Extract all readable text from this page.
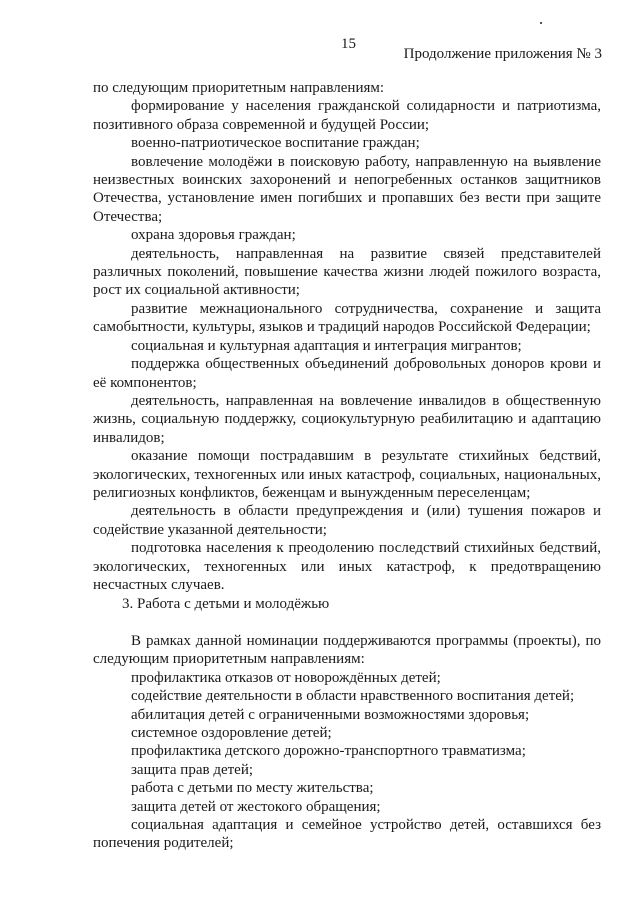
15
Продолжение приложения № 3

по следующим приоритетным направлениям:

формирование у населения гражданской солидарности и патриотизма, позитивного образа современной и будущей России;

военно-патриотическое воспитание граждан;

вовлечение молодёжи в поисковую работу, направленную на выявление неизвестных воинских захоронений и непогребенных останков защитников Отечества, установление имен погибших и пропавших без вести при защите Отечества;

охрана здоровья граждан;

деятельность, направленная на развитие связей представителей различных поколений, повышение качества жизни людей пожилого возраста, рост их социальной активности;

развитие межнационального сотрудничества, сохранение и защита самобытности, культуры, языков и традиций народов Российской Федерации;

социальная и культурная адаптация и интеграция мигрантов;

поддержка общественных объединений добровольных доноров крови и её компонентов;

деятельность, направленная на вовлечение инвалидов в общественную жизнь, социальную поддержку, социокультурную реабилитацию и адаптацию инвалидов;

оказание помощи пострадавшим в результате стихийных бедствий, экологических, техногенных или иных катастроф, социальных, национальных, религиозных конфликтов, беженцам и вынужденным переселенцам;

деятельность в области предупреждения и (или) тушения пожаров и содействие указанной деятельности;

подготовка населения к преодолению последствий стихийных бедствий, экологических, техногенных или иных катастроф, к предотвращению несчастных случаев.

3. Работа с детьми и молодёжью

В рамках данной номинации поддерживаются программы (проекты), по следующим приоритетным направлениям:

профилактика отказов от новорождённых детей;

содействие деятельности в области нравственного воспитания детей;

абилитация детей с ограниченными возможностями здоровья;

системное оздоровление детей;

профилактика детского дорожно-транспортного травматизма;

защита прав детей;

работа с детьми по месту жительства;

защита детей от жестокого обращения;

социальная адаптация и семейное устройство детей, оставшихся без попечения родителей;
